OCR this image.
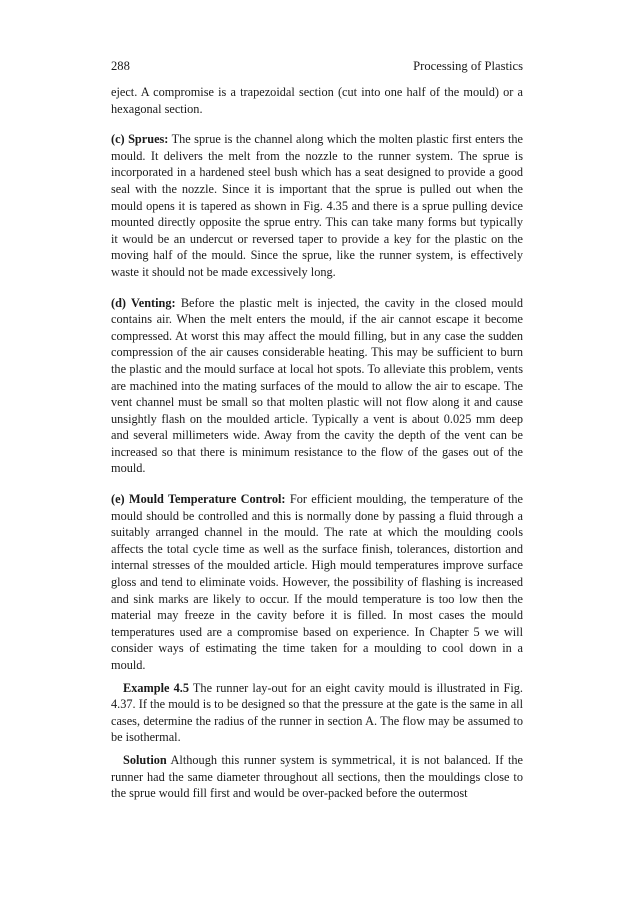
288	Processing of Plastics

eject. A compromise is a trapezoidal section (cut into one half of the mould) or a hexagonal section.

(c) Sprues: The sprue is the channel along which the molten plastic first enters the mould. It delivers the melt from the nozzle to the runner system. The sprue is incorporated in a hardened steel bush which has a seat designed to provide a good seal with the nozzle. Since it is important that the sprue is pulled out when the mould opens it is tapered as shown in Fig. 4.35 and there is a sprue pulling device mounted directly opposite the sprue entry. This can take many forms but typically it would be an undercut or reversed taper to provide a key for the plastic on the moving half of the mould. Since the sprue, like the runner system, is effectively waste it should not be made excessively long.

(d) Venting: Before the plastic melt is injected, the cavity in the closed mould contains air. When the melt enters the mould, if the air cannot escape it become compressed. At worst this may affect the mould filling, but in any case the sudden compression of the air causes considerable heating. This may be sufficient to burn the plastic and the mould surface at local hot spots. To alleviate this problem, vents are machined into the mating surfaces of the mould to allow the air to escape. The vent channel must be small so that molten plastic will not flow along it and cause unsightly flash on the moulded article. Typically a vent is about 0.025 mm deep and several millimeters wide. Away from the cavity the depth of the vent can be increased so that there is minimum resistance to the flow of the gases out of the mould.

(e) Mould Temperature Control: For efficient moulding, the temperature of the mould should be controlled and this is normally done by passing a fluid through a suitably arranged channel in the mould. The rate at which the moulding cools affects the total cycle time as well as the surface finish, tolerances, distortion and internal stresses of the moulded article. High mould temperatures improve surface gloss and tend to eliminate voids. However, the possibility of flashing is increased and sink marks are likely to occur. If the mould temperature is too low then the material may freeze in the cavity before it is filled. In most cases the mould temperatures used are a compromise based on experience. In Chapter 5 we will consider ways of estimating the time taken for a moulding to cool down in a mould.

Example 4.5 The runner lay-out for an eight cavity mould is illustrated in Fig. 4.37. If the mould is to be designed so that the pressure at the gate is the same in all cases, determine the radius of the runner in section A. The flow may be assumed to be isothermal.

Solution Although this runner system is symmetrical, it is not balanced. If the runner had the same diameter throughout all sections, then the mouldings close to the sprue would fill first and would be over-packed before the outermost
